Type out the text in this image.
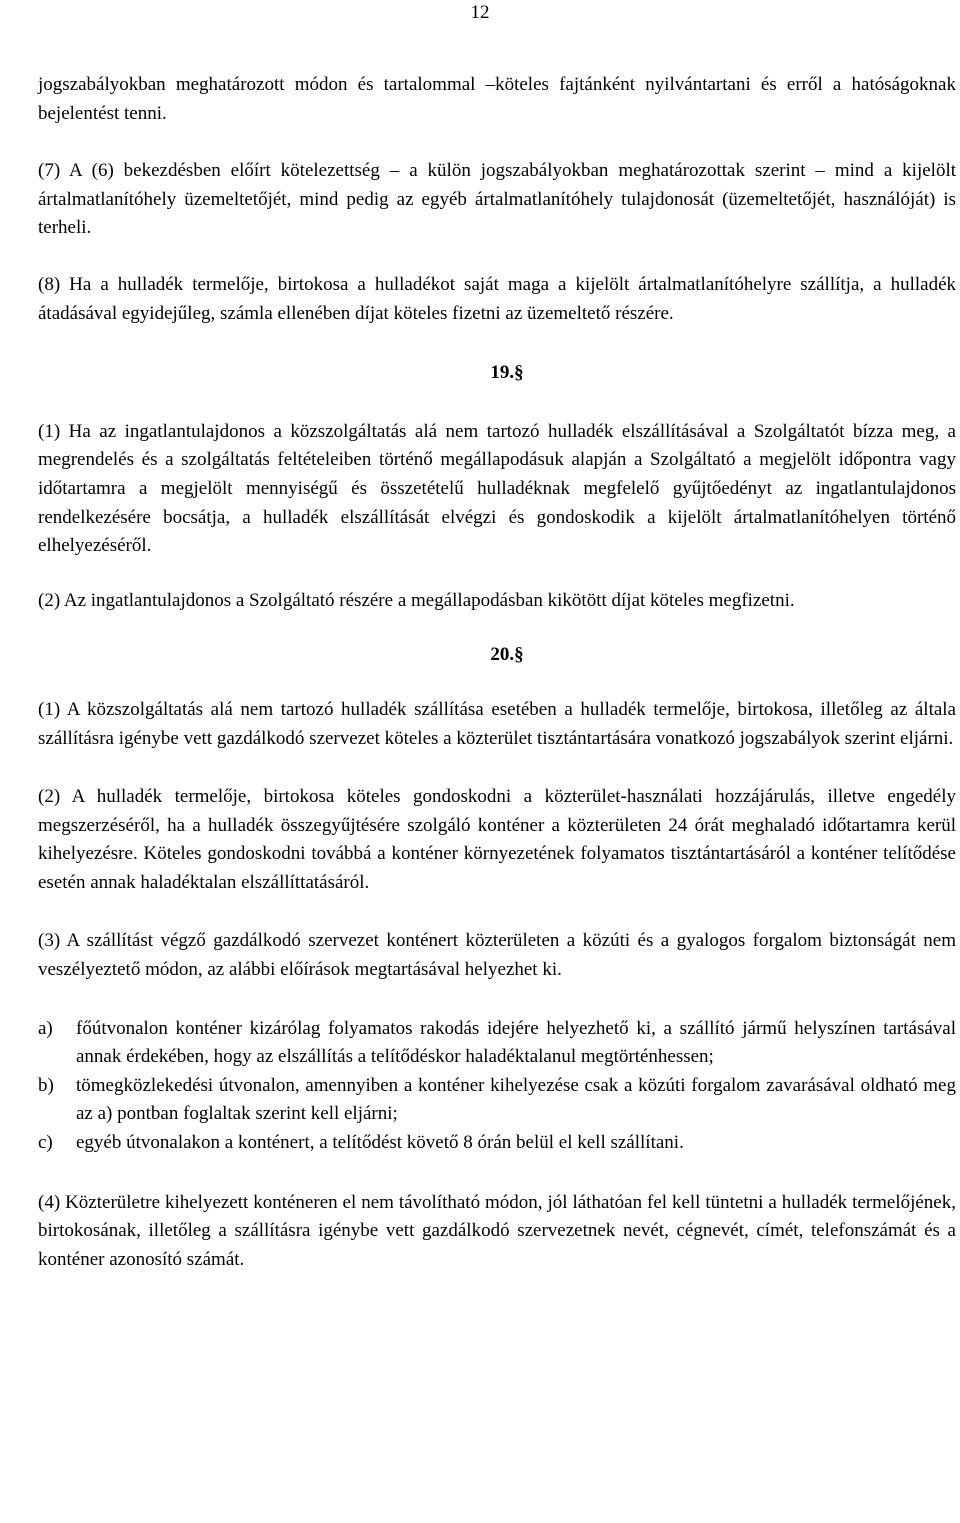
12

jogszabályokban meghatározott módon és tartalommal –köteles fajtánként nyilvántartani és erről a hatóságoknak bejelentést tenni.

(7) A (6) bekezdésben előírt kötelezettség – a külön jogszabályokban meghatározottak szerint – mind a kijelölt ártalmatlanítóhely üzemeltetőjét, mind pedig az egyéb ártalmatlanítóhely tulajdonosát (üzemeltetőjét, használóját) is terheli.

(8) Ha a hulladék termelője, birtokosa a hulladékot saját maga a kijelölt ártalmatlanítóhelyre szállítja, a hulladék átadásával egyidejűleg, számla ellenében díjat köteles fizetni az üzemeltető részére.

19.§

(1) Ha az ingatlantulajdonos a közszolgáltatás alá nem tartozó hulladék elszállításával a Szolgáltatót bízza meg, a megrendelés és a szolgáltatás feltételeiben történő megállapodásuk alapján a Szolgáltató a megjelölt időpontra vagy időtartamra a megjelölt mennyiségű és összetételű hulladéknak megfelelő gyűjtőedényt az ingatlantulajdonos rendelkezésére bocsátja, a hulladék elszállítását elvégzi és gondoskodik a kijelölt ártalmatlanítóhelyen történő elhelyezéséről.

(2) Az ingatlantulajdonos a Szolgáltató részére a megállapodásban kikötött díjat köteles megfizetni.

20.§

(1) A közszolgáltatás alá nem tartozó hulladék szállítása esetében a hulladék termelője, birtokosa, illetőleg az általa szállításra igénybe vett gazdálkodó szervezet köteles a közterület tisztántartására vonatkozó jogszabályok szerint eljárni.

(2) A hulladék termelője, birtokosa köteles gondoskodni a közterület-használati hozzájárulás, illetve engedély megszerzéséről, ha a hulladék összegyűjtésére szolgáló konténer a közterületen 24 órát meghaladó időtartamra kerül kihelyezésre. Köteles gondoskodni továbbá a konténer környezetének folyamatos tisztántartásáról a konténer telítődése esetén annak haladéktalan elszállíttatásáról.

(3) A szállítást végző gazdálkodó szervezet konténert közterületen a közúti és a gyalogos forgalom biztonságát nem veszélyeztető módon, az alábbi előírások megtartásával helyezhet ki.

a)	főútvonalon konténer kizárólag folyamatos rakodás idejére helyezhető ki, a szállító jármű helyszínen tartásával annak érdekében, hogy az elszállítás a telítődéskor haladéktalanul megtörténhessen;
b)	tömegközlekedési útvonalon, amennyiben a konténer kihelyezése csak a közúti forgalom zavarásával oldható meg az a) pontban foglaltak szerint kell eljárni;
c)	egyéb útvonalakon a konténert, a telítődést követő 8 órán belül el kell szállítani.

(4) Közterületre kihelyezett konténeren el nem távolítható módon, jól láthatóan fel kell tüntetni a hulladék termelőjének, birtokosának, illetőleg a szállításra igénybe vett gazdálkodó szervezetnek nevét, cégnevét, címét, telefonszámát és a konténer azonosító számát.
